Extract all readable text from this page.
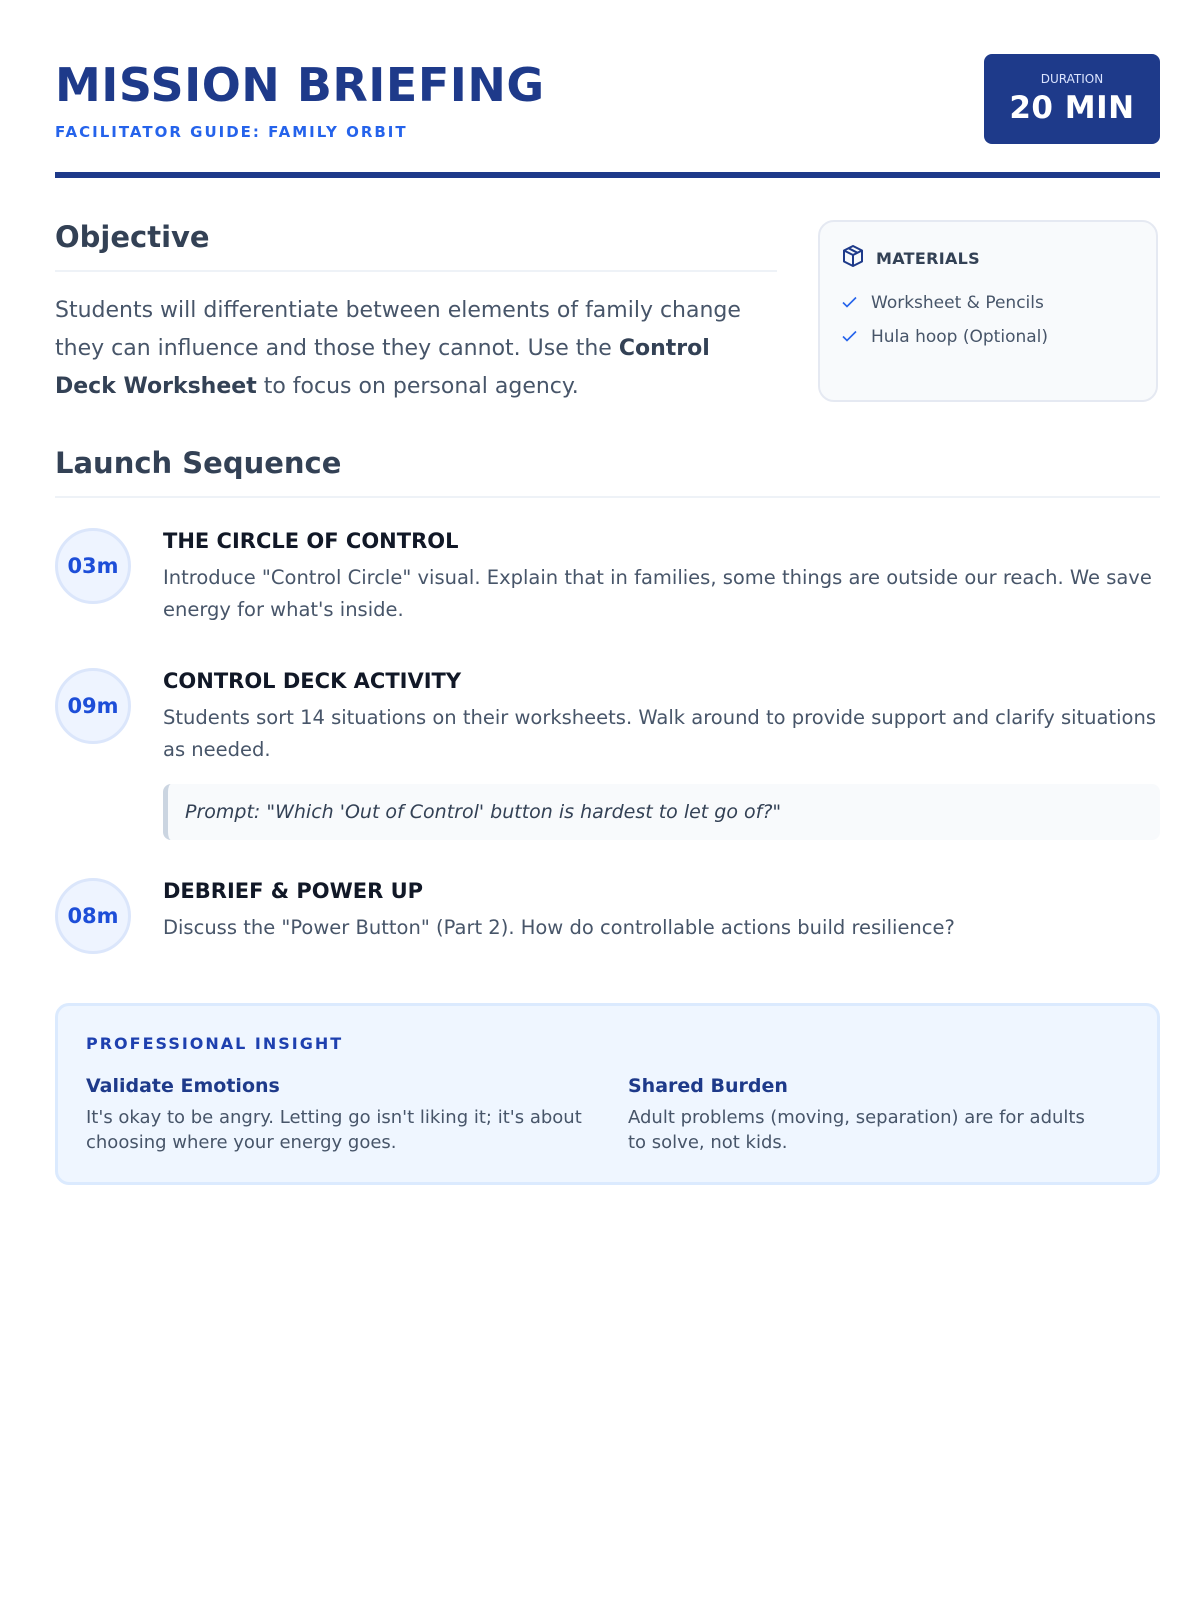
MISSION BRIEFING
FACILITATOR GUIDE: FAMILY ORBIT
DURATION
20 MIN
Objective

Students will differentiate between elements of family change they can influence and those they cannot. Use the Control Deck Worksheet to focus on personal agency.

MATERIALS
Worksheet & Pencils
Hula hoop (Optional)
Launch Sequence
03m
THE CIRCLE OF CONTROL

Introduce "Control Circle" visual. Explain that in families, some things are outside our reach. We save energy for what's inside.

09m
CONTROL DECK ACTIVITY

Students sort 14 situations on their worksheets. Walk around to provide support and clarify situations as needed.

Prompt: "Which 'Out of Control' button is hardest to let go of?"
08m
DEBRIEF & POWER UP

Discuss the "Power Button" (Part 2). How do controllable actions build resilience?

PROFESSIONAL INSIGHT
Validate Emotions
It's okay to be angry. Letting go isn't liking it; it's about choosing where your energy goes.
Shared Burden
Adult problems (moving, separation) are for adults to solve, not kids.
